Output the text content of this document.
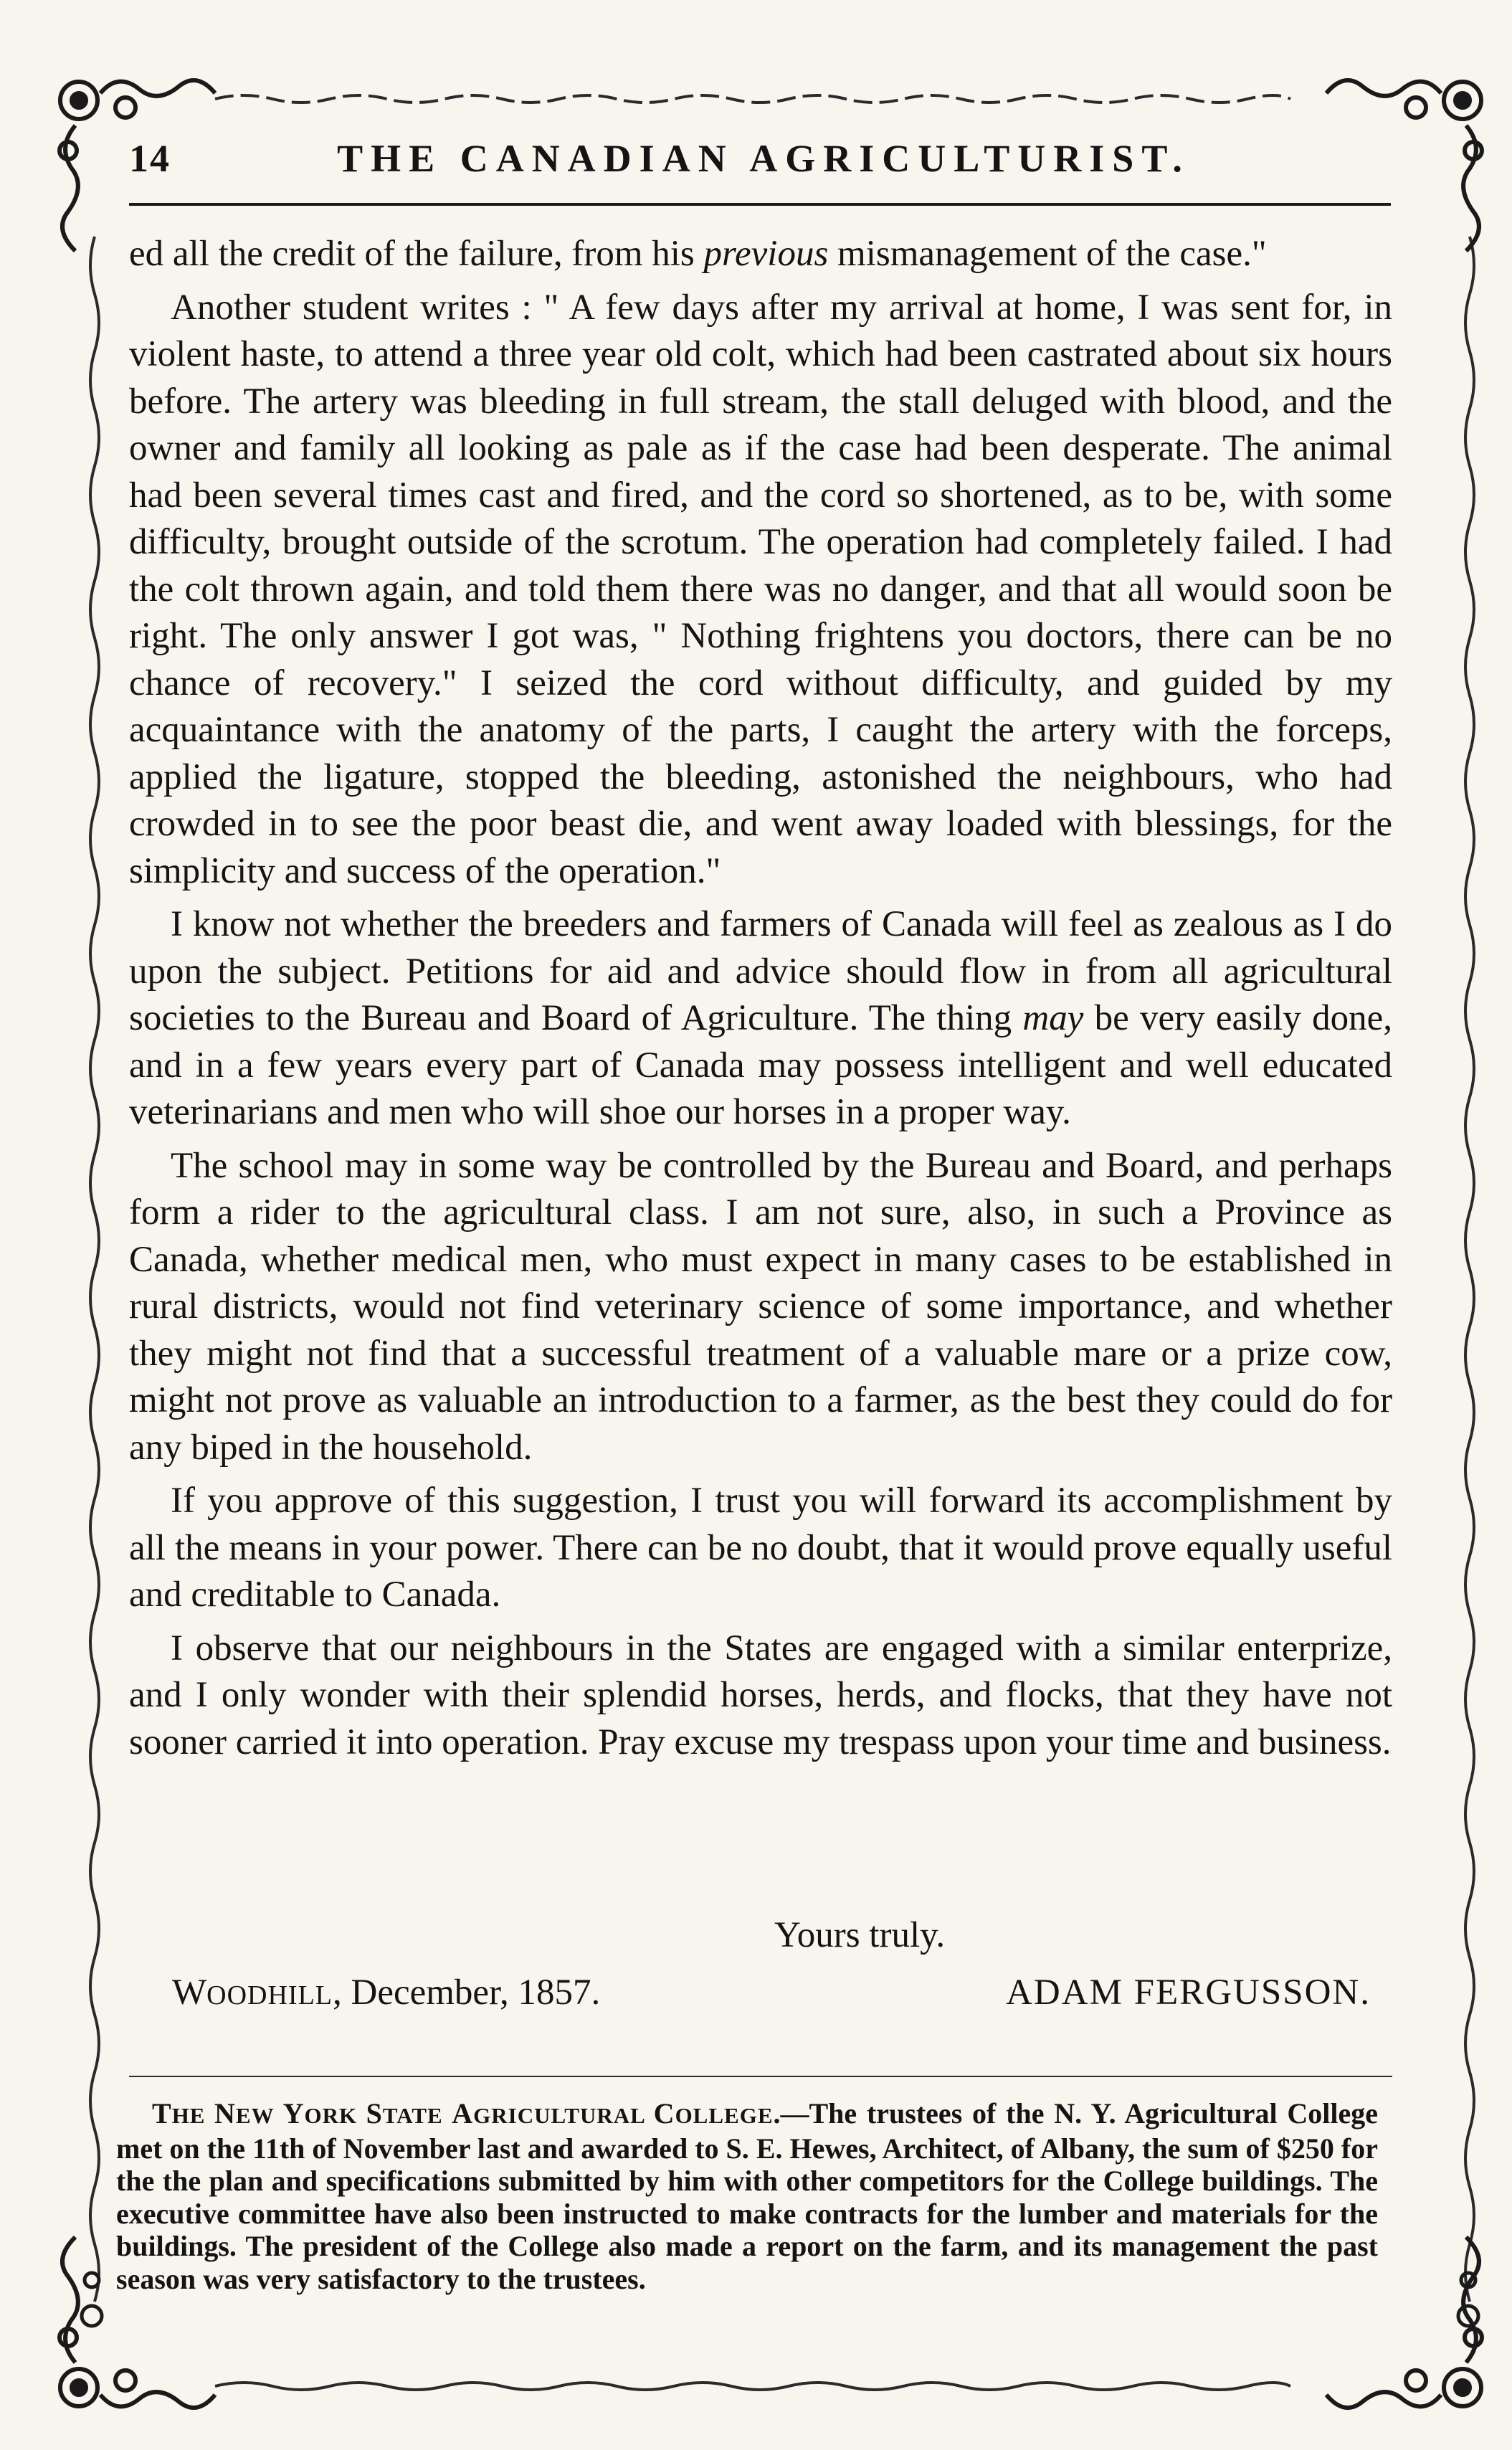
14	THE CANADIAN AGRICULTURIST.

ed all the credit of the failure, from his previous mismanagement of the case."

Another student writes : " A few days after my arrival at home, I was sent for, in violent haste, to attend a three year old colt, which had been castrated about six hours before. The artery was bleeding in full stream, the stall deluged with blood, and the owner and family all looking as pale as if the case had been desperate. The animal had been several times cast and fired, and the cord so shortened, as to be, with some difficulty, brought outside of the scrotum. The operation had completely failed. I had the colt thrown again, and told them there was no danger, and that all would soon be right. The only answer I got was, " Nothing frightens you doctors, there can be no chance of recovery." I seized the cord without difficulty, and guided by my acquaintance with the anatomy of the parts, I caught the artery with the forceps, applied the ligature, stopped the bleeding, astonished the neighbours, who had crowded in to see the poor beast die, and went away loaded with blessings, for the simplicity and success of the operation."

I know not whether the breeders and farmers of Canada will feel as zealous as I do upon the subject. Petitions for aid and advice should flow in from all agricultural societies to the Bureau and Board of Agriculture. The thing may be very easily done, and in a few years every part of Canada may possess intelligent and well educated veterinarians and men who will shoe our horses in a proper way.

The school may in some way be controlled by the Bureau and Board, and perhaps form a rider to the agricultural class. I am not sure, also, in such a Province as Canada, whether medical men, who must expect in many cases to be established in rural districts, would not find veterinary science of some importance, and whether they might not find that a successful treatment of a valuable mare or a prize cow, might not prove as valuable an introduction to a farmer, as the best they could do for any biped in the household.

If you approve of this suggestion, I trust you will forward its accomplishment by all the means in your power. There can be no doubt, that it would prove equally useful and creditable to Canada.

I observe that our neighbours in the States are engaged with a similar enterprize, and I only wonder with their splendid horses, herds, and flocks, that they have not sooner carried it into operation. Pray excuse my trespass upon your time and business.

Yours truly.
WOODHILL, December, 1857.	ADAM FERGUSSON.

THE NEW YORK STATE AGRICULTURAL COLLEGE.—The trustees of the N. Y. Agricultural College met on the 11th of November last and awarded to S. E. Hewes, Architect, of Albany, the sum of $250 for the the plan and specifications submitted by him with other competitors for the College buildings. The executive committee have also been instructed to make contracts for the lumber and materials for the buildings. The president of the College also made a report on the farm, and its management the past season was very satisfactory to the trustees.
